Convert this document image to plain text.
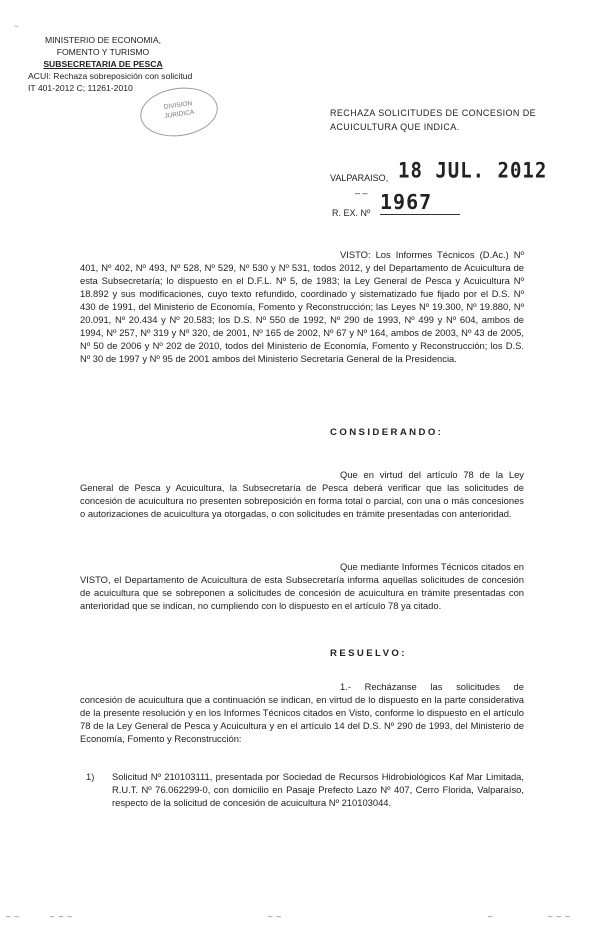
~
MINISTERIO DE ECONOMIA,
FOMENTO Y TURISMO
SUBSECRETARIA DE PESCA
ACUI: Rechaza sobreposición con solicitud
IT 401-2012 C; 11261-2010
DIVISION
JURIDICA	RECHAZA SOLICITUDES DE CONCESION DE
ACUICULTURA QUE INDICA.
VALPARAISO, 18 JUL. 2012
– –
R. EX. Nº 1967
VISTO: Los Informes Técnicos (D.Ac.) Nº 401, Nº 402, Nº 493, Nº 528, Nº 529, Nº 530 y Nº 531, todos 2012, y del Departamento de Acuicultura de esta Subsecretaría; lo dispuesto en el D.F.L. Nº 5, de 1983; la Ley General de Pesca y Acuicultura Nº 18.892 y sus modificaciones, cuyo texto refundido, coordinado y sistematizado fue fijado por el D.S. Nº 430 de 1991, del Ministerio de Economía, Fomento y Reconstrucción; las Leyes Nº 19.300, Nº 19.880, Nº 20.091, Nº 20.434 y Nº 20.583; los D.S. Nº 550 de 1992, Nº 290 de 1993, Nº 499 y Nº 604, ambos de 1994, Nº 257, Nº 319 y Nº 320, de 2001, Nº 165 de 2002, Nº 67 y Nº 164, ambos de 2003, Nº 43 de 2005, Nº 50 de 2006 y Nº 202 de 2010, todos del Ministerio de Economía, Fomento y Reconstrucción; los D.S. Nº 30 de 1997 y Nº 95 de 2001 ambos del Ministerio Secretaría General de la Presidencia.
CONSIDERANDO:
Que en virtud del artículo 78 de la Ley General de Pesca y Acuicultura, la Subsecretaría de Pesca deberá verificar que las solicitudes de concesión de acuicultura no presenten sobreposición en forma total o parcial, con una o más concesiones o autorizaciones de acuicultura ya otorgadas, o con solicitudes en trámite presentadas con anterioridad.
Que mediante Informes Técnicos citados en VISTO, el Departamento de Acuicultura de esta Subsecretaría informa aquellas solicitudes de concesión de acuicultura que se sobreponen a solicitudes de concesión de acuicultura en trámite presentadas con anterioridad que se indican, no cumpliendo con lo dispuesto en el artículo 78 ya citado.
RESUELVO:
1.- Recházanse las solicitudes de concesión de acuicultura que a continuación se indican, en virtud de lo dispuesto en la parte considerativa de la presente resolución y en los Informes Técnicos citados en Visto, conforme lo dispuesto en el artículo 78 de la Ley General de Pesca y Acuicultura y en el artículo 14 del D.S. Nº 290 de 1993, del Ministerio de Economía, Fomento y Reconstrucción:
1) Solicitud Nº 210103111, presentada por Sociedad de Recursos Hidrobiológicos Kaf Mar Limitada, R.U.T. Nº 76.062299-0, con domicilio en Pasaje Prefecto Lazo Nº 407, Cerro Florida, Valparaíso, respecto de la solicitud de concesión de acuicultura Nº 210103044.
– –	– – –	– –	–	– – –
